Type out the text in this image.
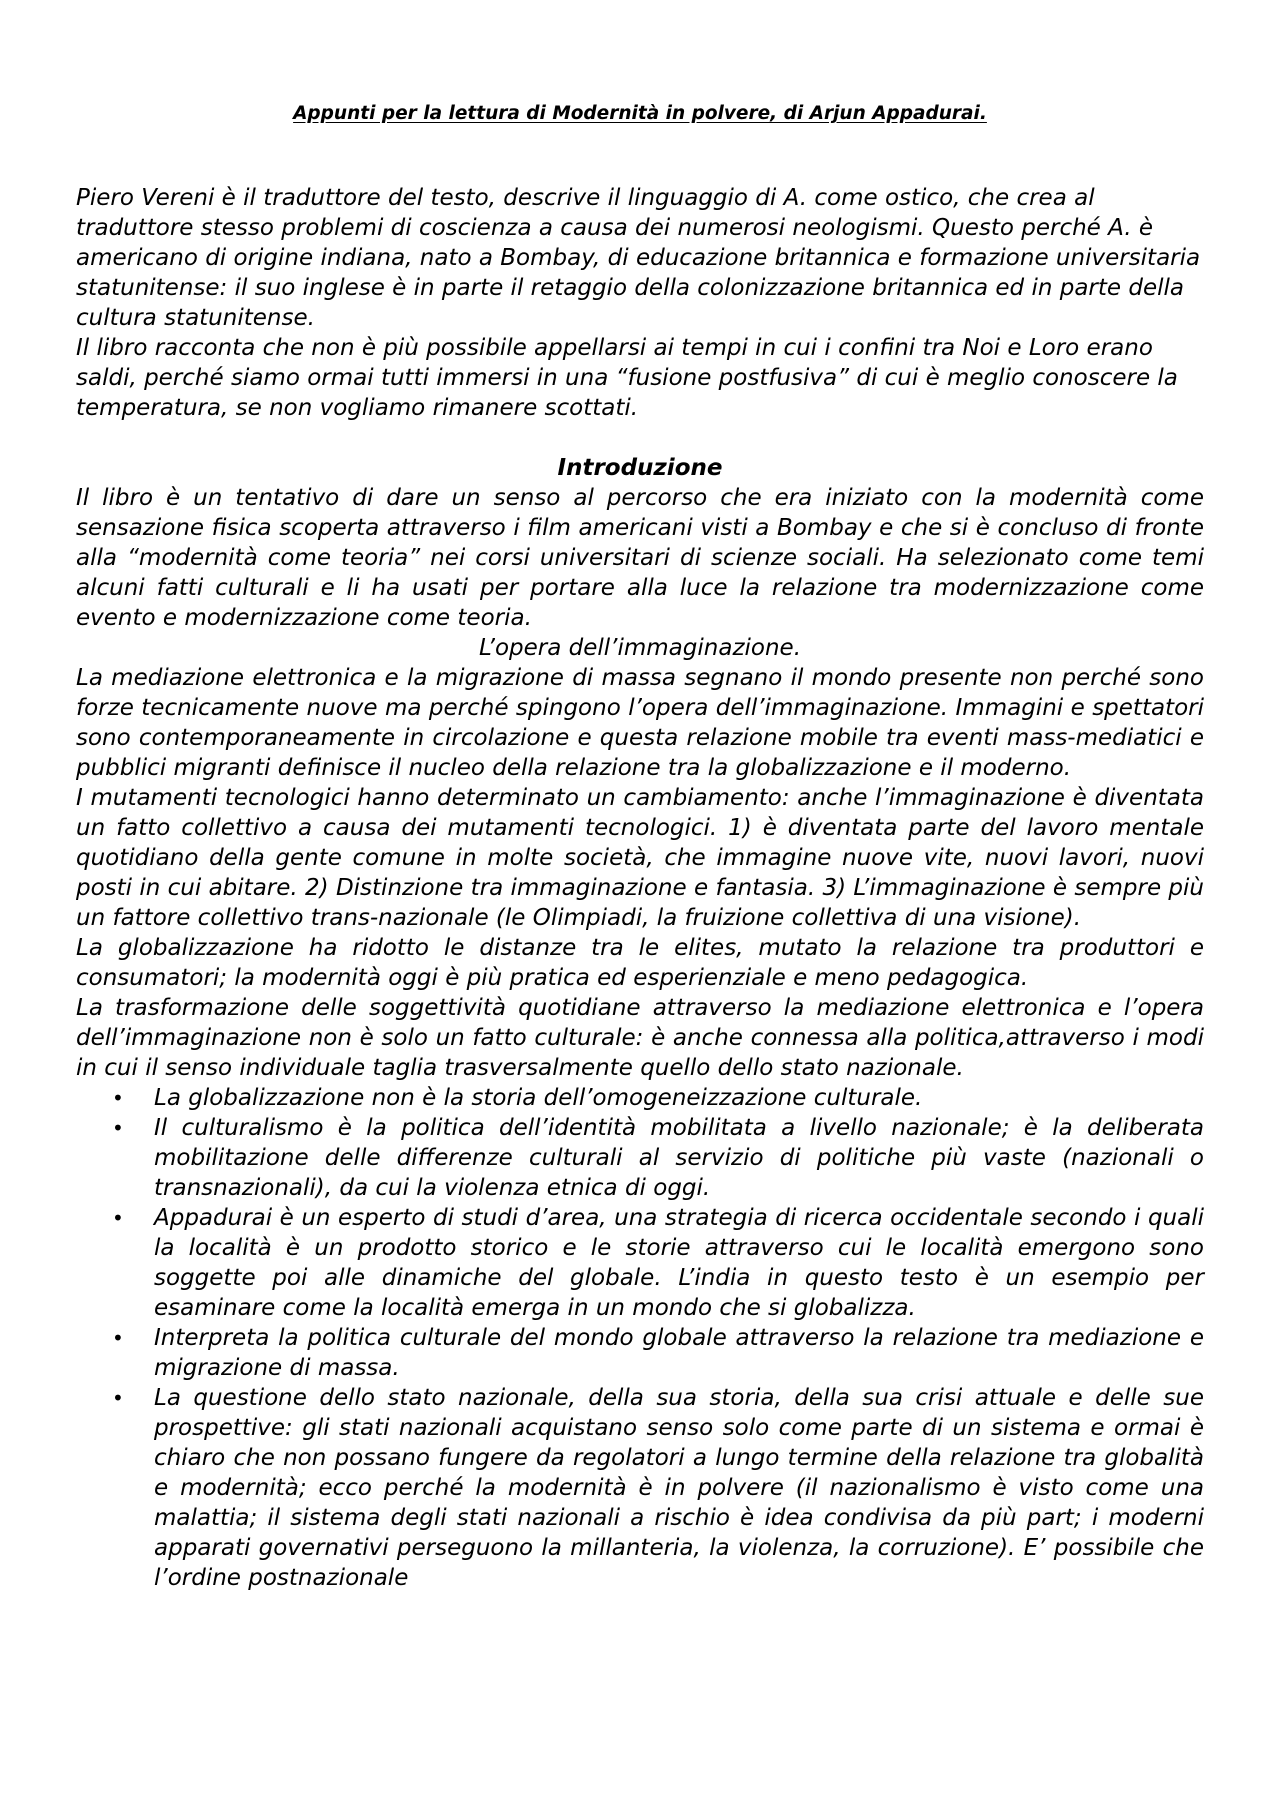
Appunti per la lettura di Modernità in polvere, di Arjun Appadurai.

Piero Vereni è il traduttore del testo, descrive il linguaggio di A. come ostico, che crea al traduttore stesso problemi di coscienza a causa dei numerosi neologismi. Questo perché A. è americano di origine indiana, nato a Bombay, di educazione britannica e formazione universitaria statunitense: il suo inglese è in parte il retaggio della colonizzazione britannica ed in parte della cultura statunitense.

Il libro racconta che non è più possibile appellarsi ai tempi in cui i confini tra Noi e Loro erano saldi, perché siamo ormai tutti immersi in una “fusione postfusiva” di cui è meglio conoscere la temperatura, se non vogliamo rimanere scottati.

Introduzione

Il libro è un tentativo di dare un senso al percorso che era iniziato con la modernità come sensazione fisica scoperta attraverso i film americani visti a Bombay e che si è concluso di fronte alla “modernità come teoria” nei corsi universitari di scienze sociali. Ha selezionato come temi alcuni fatti culturali e li ha usati per portare alla luce la relazione tra modernizzazione come evento e modernizzazione come teoria.

L’opera dell’immaginazione.

La mediazione elettronica e la migrazione di massa segnano il mondo presente non perché sono forze tecnicamente nuove ma perché spingono l’opera dell’immaginazione. Immagini e spettatori sono contemporaneamente in circolazione e questa relazione mobile tra eventi mass-mediatici e pubblici migranti definisce il nucleo della relazione tra la globalizzazione e il moderno.

I mutamenti tecnologici hanno determinato un cambiamento: anche l’immaginazione è diventata un fatto collettivo a causa dei mutamenti tecnologici. 1) è diventata parte del lavoro mentale quotidiano della gente comune in molte società, che immagine nuove vite, nuovi lavori, nuovi posti in cui abitare. 2) Distinzione tra immaginazione e fantasia. 3) L’immaginazione è sempre più un fattore collettivo trans-nazionale (le Olimpiadi, la fruizione collettiva di una visione).

La globalizzazione ha ridotto le distanze tra le elites, mutato la relazione tra produttori e consumatori; la modernità oggi è più pratica ed esperienziale e meno pedagogica.

La trasformazione delle soggettività quotidiane attraverso la mediazione elettronica e l’opera dell’immaginazione non è solo un fatto culturale: è anche connessa alla politica,attraverso i modi in cui il senso individuale taglia trasversalmente quello dello stato nazionale.

• La globalizzazione non è la storia dell’omogeneizzazione culturale.
• Il culturalismo è la politica dell’identità mobilitata a livello nazionale; è la deliberata mobilitazione delle differenze culturali al servizio di politiche più vaste (nazionali o transnazionali), da cui la violenza etnica di oggi.
• Appadurai è un esperto di studi d’area, una strategia di ricerca occidentale secondo i quali la località è un prodotto storico e le storie attraverso cui le località emergono sono soggette poi alle dinamiche del globale. L’india in questo testo è un esempio per esaminare come la località emerga in un mondo che si globalizza.
• Interpreta la politica culturale del mondo globale attraverso la relazione tra mediazione e migrazione di massa.
• La questione dello stato nazionale, della sua storia, della sua crisi attuale e delle sue prospettive: gli stati nazionali acquistano senso solo come parte di un sistema e ormai è chiaro che non possano fungere da regolatori a lungo termine della relazione tra globalità e modernità; ecco perché la modernità è in polvere (il nazionalismo è visto come una malattia; il sistema degli stati nazionali a rischio è idea condivisa da più part; i moderni apparati governativi perseguono la millanteria, la violenza, la corruzione). E’ possibile che l’ordine postnazionale
